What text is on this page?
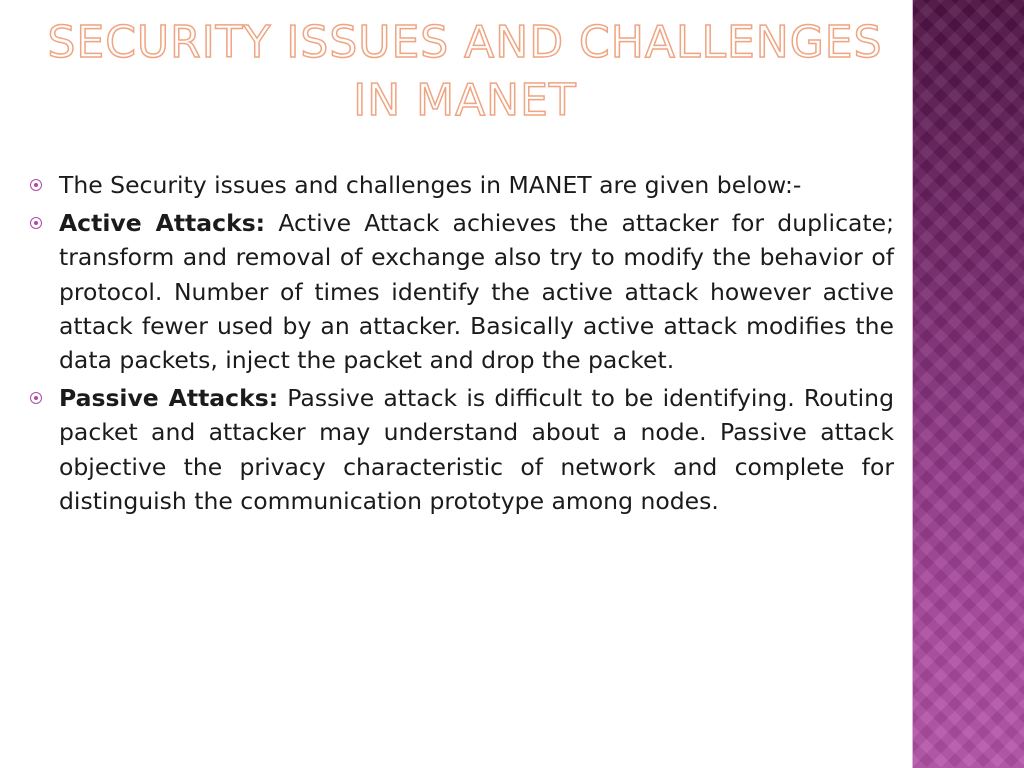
SECURITY ISSUES AND CHALLENGES IN MANET

The Security issues and challenges in MANET are given below:-

Active Attacks: Active Attack achieves the attacker for duplicate; transform and removal of exchange also try to modify the behavior of protocol. Number of times identify the active attack however active attack fewer used by an attacker. Basically active attack modifies the data packets, inject the packet and drop the packet.

Passive Attacks: Passive attack is difficult to be identifying. Routing packet and attacker may understand about a node. Passive attack objective the privacy characteristic of network and complete for distinguish the communication prototype among nodes.
